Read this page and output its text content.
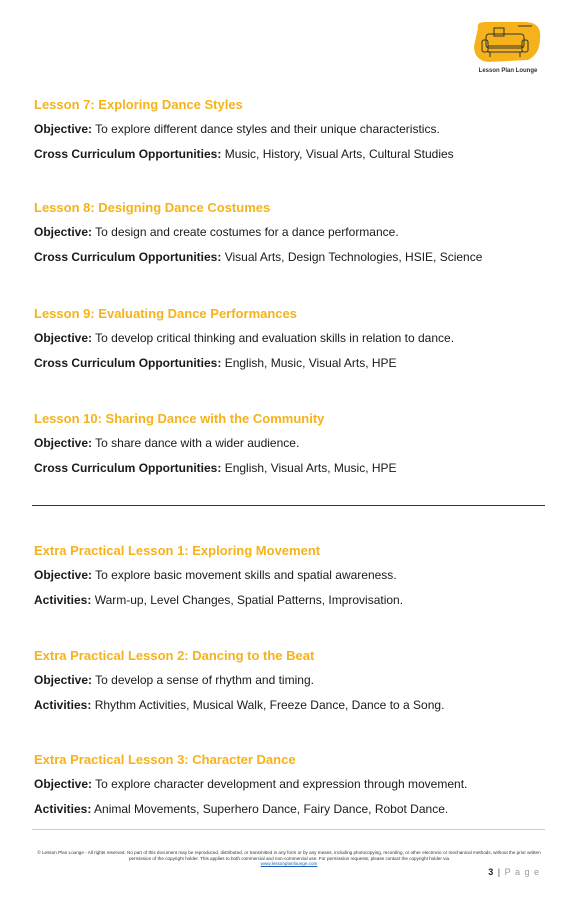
Lesson Plan Lounge
Lesson 7: Exploring Dance Styles
Objective: To explore different dance styles and their unique characteristics.
Cross Curriculum Opportunities: Music, History, Visual Arts, Cultural Studies
Lesson 8: Designing Dance Costumes
Objective: To design and create costumes for a dance performance.
Cross Curriculum Opportunities: Visual Arts, Design Technologies, HSIE, Science
Lesson 9: Evaluating Dance Performances
Objective: To develop critical thinking and evaluation skills in relation to dance.
Cross Curriculum Opportunities: English, Music, Visual Arts, HPE
Lesson 10: Sharing Dance with the Community
Objective: To share dance with a wider audience.
Cross Curriculum Opportunities: English, Visual Arts, Music, HPE
Extra Practical Lesson 1: Exploring Movement
Objective: To explore basic movement skills and spatial awareness.
Activities: Warm-up, Level Changes, Spatial Patterns, Improvisation.
Extra Practical Lesson 2: Dancing to the Beat
Objective: To develop a sense of rhythm and timing.
Activities: Rhythm Activities, Musical Walk, Freeze Dance, Dance to a Song.
Extra Practical Lesson 3: Character Dance
Objective: To explore character development and expression through movement.
Activities: Animal Movements, Superhero Dance, Fairy Dance, Robot Dance.
© Lesson Plan Lounge - All rights reserved. No part of this document may be reproduced, distributed, or transmitted in any form or by any means, including photocopying, recording, or other electronic or mechanical methods, without the prior written permission of the copyright holder. This applies to both commercial and non-commercial use. For permission requests, please contact the copyright holder via
www.lessonplanlounge.com
3 | P a g e
